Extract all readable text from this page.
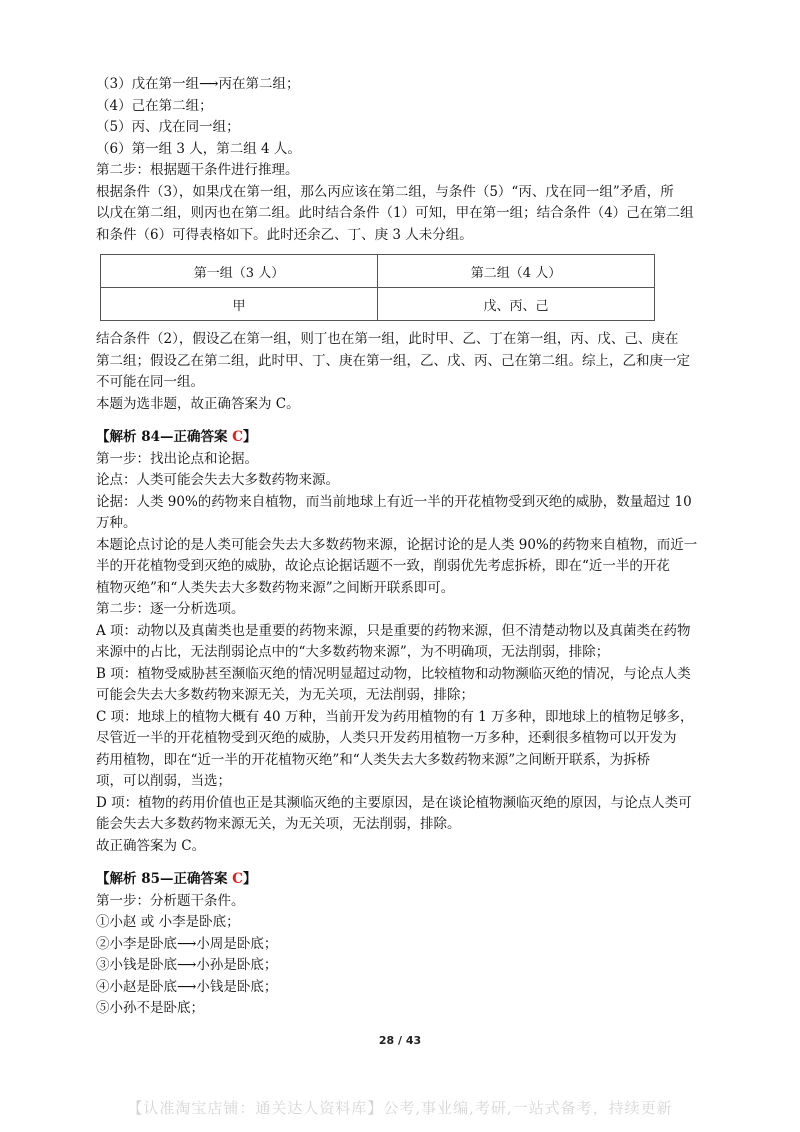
（3）戊在第一组⟶丙在第二组；
（4）己在第二组；
（5）丙、戊在同一组；
（6）第一组 3 人，第二组 4 人。
第二步：根据题干条件进行推理。
根据条件（3），如果戊在第一组，那么丙应该在第二组，与条件（5）“丙、戊在同一组”矛盾，所
以戊在第二组，则丙也在第二组。此时结合条件（1）可知，甲在第一组；结合条件（4）己在第二组
和条件（6）可得表格如下。此时还余乙、丁、庚 3 人未分组。
第一组（3 人）	第二组（4 人）
甲	戊、丙、己
结合条件（2），假设乙在第一组，则丁也在第一组，此时甲、乙、丁在第一组，丙、戊、己、庚在
第二组；假设乙在第二组，此时甲、丁、庚在第一组，乙、戊、丙、己在第二组。综上，乙和庚一定
不可能在同一组。
本题为选非题，故正确答案为 C。
【解析 84—正确答案 C】
第一步：找出论点和论据。
论点：人类可能会失去大多数药物来源。
论据：人类 90%的药物来自植物，而当前地球上有近一半的开花植物受到灭绝的威胁，数量超过 10
万种。
本题论点讨论的是人类可能会失去大多数药物来源，论据讨论的是人类 90%的药物来自植物，而近一
半的开花植物受到灭绝的威胁，故论点论据话题不一致，削弱优先考虑拆桥，即在“近一半的开花
植物灭绝”和“人类失去大多数药物来源”之间断开联系即可。
第二步：逐一分析选项。
A 项：动物以及真菌类也是重要的药物来源，只是重要的药物来源，但不清楚动物以及真菌类在药物
来源中的占比，无法削弱论点中的“大多数药物来源”，为不明确项，无法削弱，排除；
B 项：植物受威胁甚至濒临灭绝的情况明显超过动物，比较植物和动物濒临灭绝的情况，与论点人类
可能会失去大多数药物来源无关，为无关项，无法削弱，排除；
C 项：地球上的植物大概有 40 万种，当前开发为药用植物的有 1 万多种，即地球上的植物足够多，
尽管近一半的开花植物受到灭绝的威胁，人类只开发药用植物一万多种，还剩很多植物可以开发为
药用植物，即在“近一半的开花植物灭绝”和“人类失去大多数药物来源”之间断开联系，为拆桥
项，可以削弱，当选；
D 项：植物的药用价值也正是其濒临灭绝的主要原因，是在谈论植物濒临灭绝的原因，与论点人类可
能会失去大多数药物来源无关，为无关项，无法削弱，排除。
故正确答案为 C。
【解析 85—正确答案 C】
第一步：分析题干条件。
①小赵 或 小李是卧底；
②小李是卧底⟶小周是卧底；
③小钱是卧底⟶小孙是卧底；
④小赵是卧底⟶小钱是卧底；
⑤小孙不是卧底；
28 / 43
【认准淘宝店铺：通关达人资料库】公考,事业编,考研,一站式备考，持续更新
